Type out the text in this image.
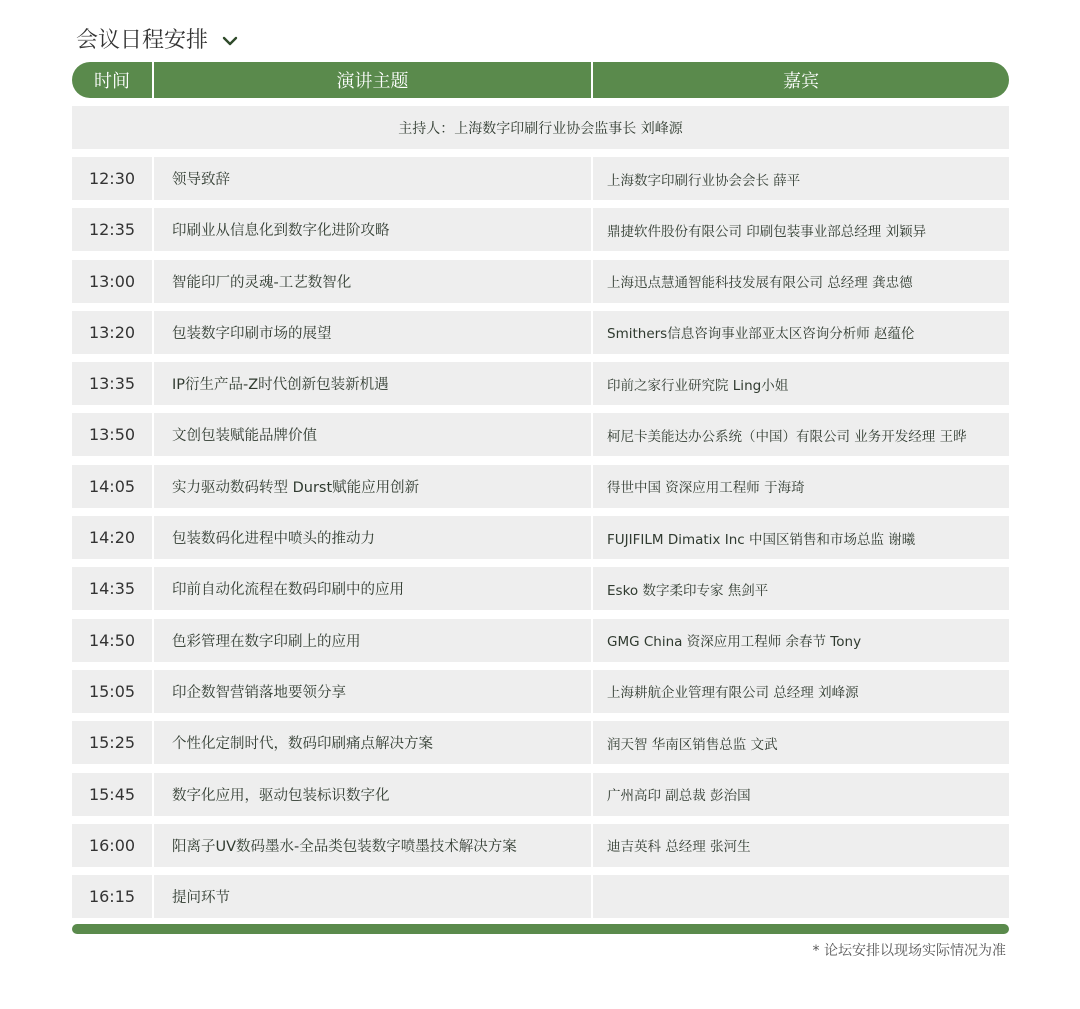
会议日程安排
时间	演讲主题	嘉宾
主持人：上海数字印刷行业协会监事长 刘峰源
12:30	领导致辞	上海数字印刷行业协会会长 薛平
12:35	印刷业从信息化到数字化进阶攻略	鼎捷软件股份有限公司 印刷包装事业部总经理 刘颖异
13:00	智能印厂的灵魂-工艺数智化	上海迅点慧通智能科技发展有限公司 总经理 龚忠德
13:20	包装数字印刷市场的展望	Smithers信息咨询事业部亚太区咨询分析师 赵蕴伦
13:35	IP衍生产品-Z时代创新包装新机遇	印前之家行业研究院 Ling小姐
13:50	文创包装赋能品牌价值	柯尼卡美能达办公系统（中国）有限公司 业务开发经理 王晔
14:05	实力驱动数码转型 Durst赋能应用创新	得世中国 资深应用工程师 于海琦
14:20	包装数码化进程中喷头的推动力	FUJIFILM Dimatix Inc 中国区销售和市场总监 谢曦
14:35	印前自动化流程在数码印刷中的应用	Esko 数字柔印专家 焦剑平
14:50	色彩管理在数字印刷上的应用	GMG China 资深应用工程师 余春节 Tony
15:05	印企数智营销落地要领分享	上海耕航企业管理有限公司 总经理 刘峰源
15:25	个性化定制时代，数码印刷痛点解决方案	润天智 华南区销售总监 文武
15:45	数字化应用，驱动包装标识数字化	广州高印 副总裁 彭治国
16:00	阳离子UV数码墨水-全品类包装数字喷墨技术解决方案	迪吉英科 总经理 张河生
16:15	提问环节
* 论坛安排以现场实际情况为准
